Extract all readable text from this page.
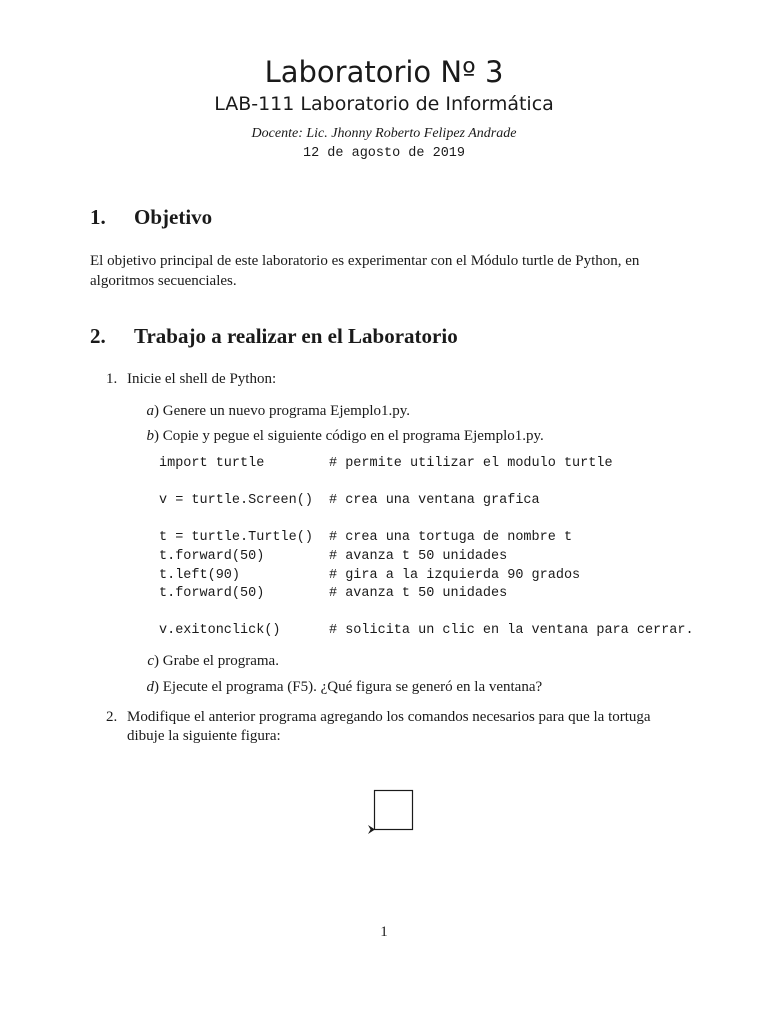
Laboratorio Nº 3
LAB-111 Laboratorio de Informática
Docente: Lic. Jhonny Roberto Felipez Andrade
12 de agosto de 2019
1. Objetivo
El objetivo principal de este laboratorio es experimentar con el Módulo turtle de Python, en
algoritmos secuenciales.
2. Trabajo a realizar en el Laboratorio
1. Inicie el shell de Python:
a) Genere un nuevo programa Ejemplo1.py.
b) Copie y pegue el siguiente código en el programa Ejemplo1.py.
import turtle	# permite utilizar el modulo turtle
v = turtle.Screen() # crea una ventana grafica
t = turtle.Turtle() # crea una tortuga de nombre t
t.forward(50)	# avanza t 50 unidades
t.left(90)	# gira a la izquierda 90 grados
t.forward(50)	# avanza t 50 unidades
v.exitonclick()	# solicita un clic en la ventana para cerrar.
c) Grabe el programa.
d) Ejecute el programa (F5). ¿Qué figura se generó en la ventana?
2. Modifique el anterior programa agregando los comandos necesarios para que la tortuga
dibuje la siguiente figura:
1
